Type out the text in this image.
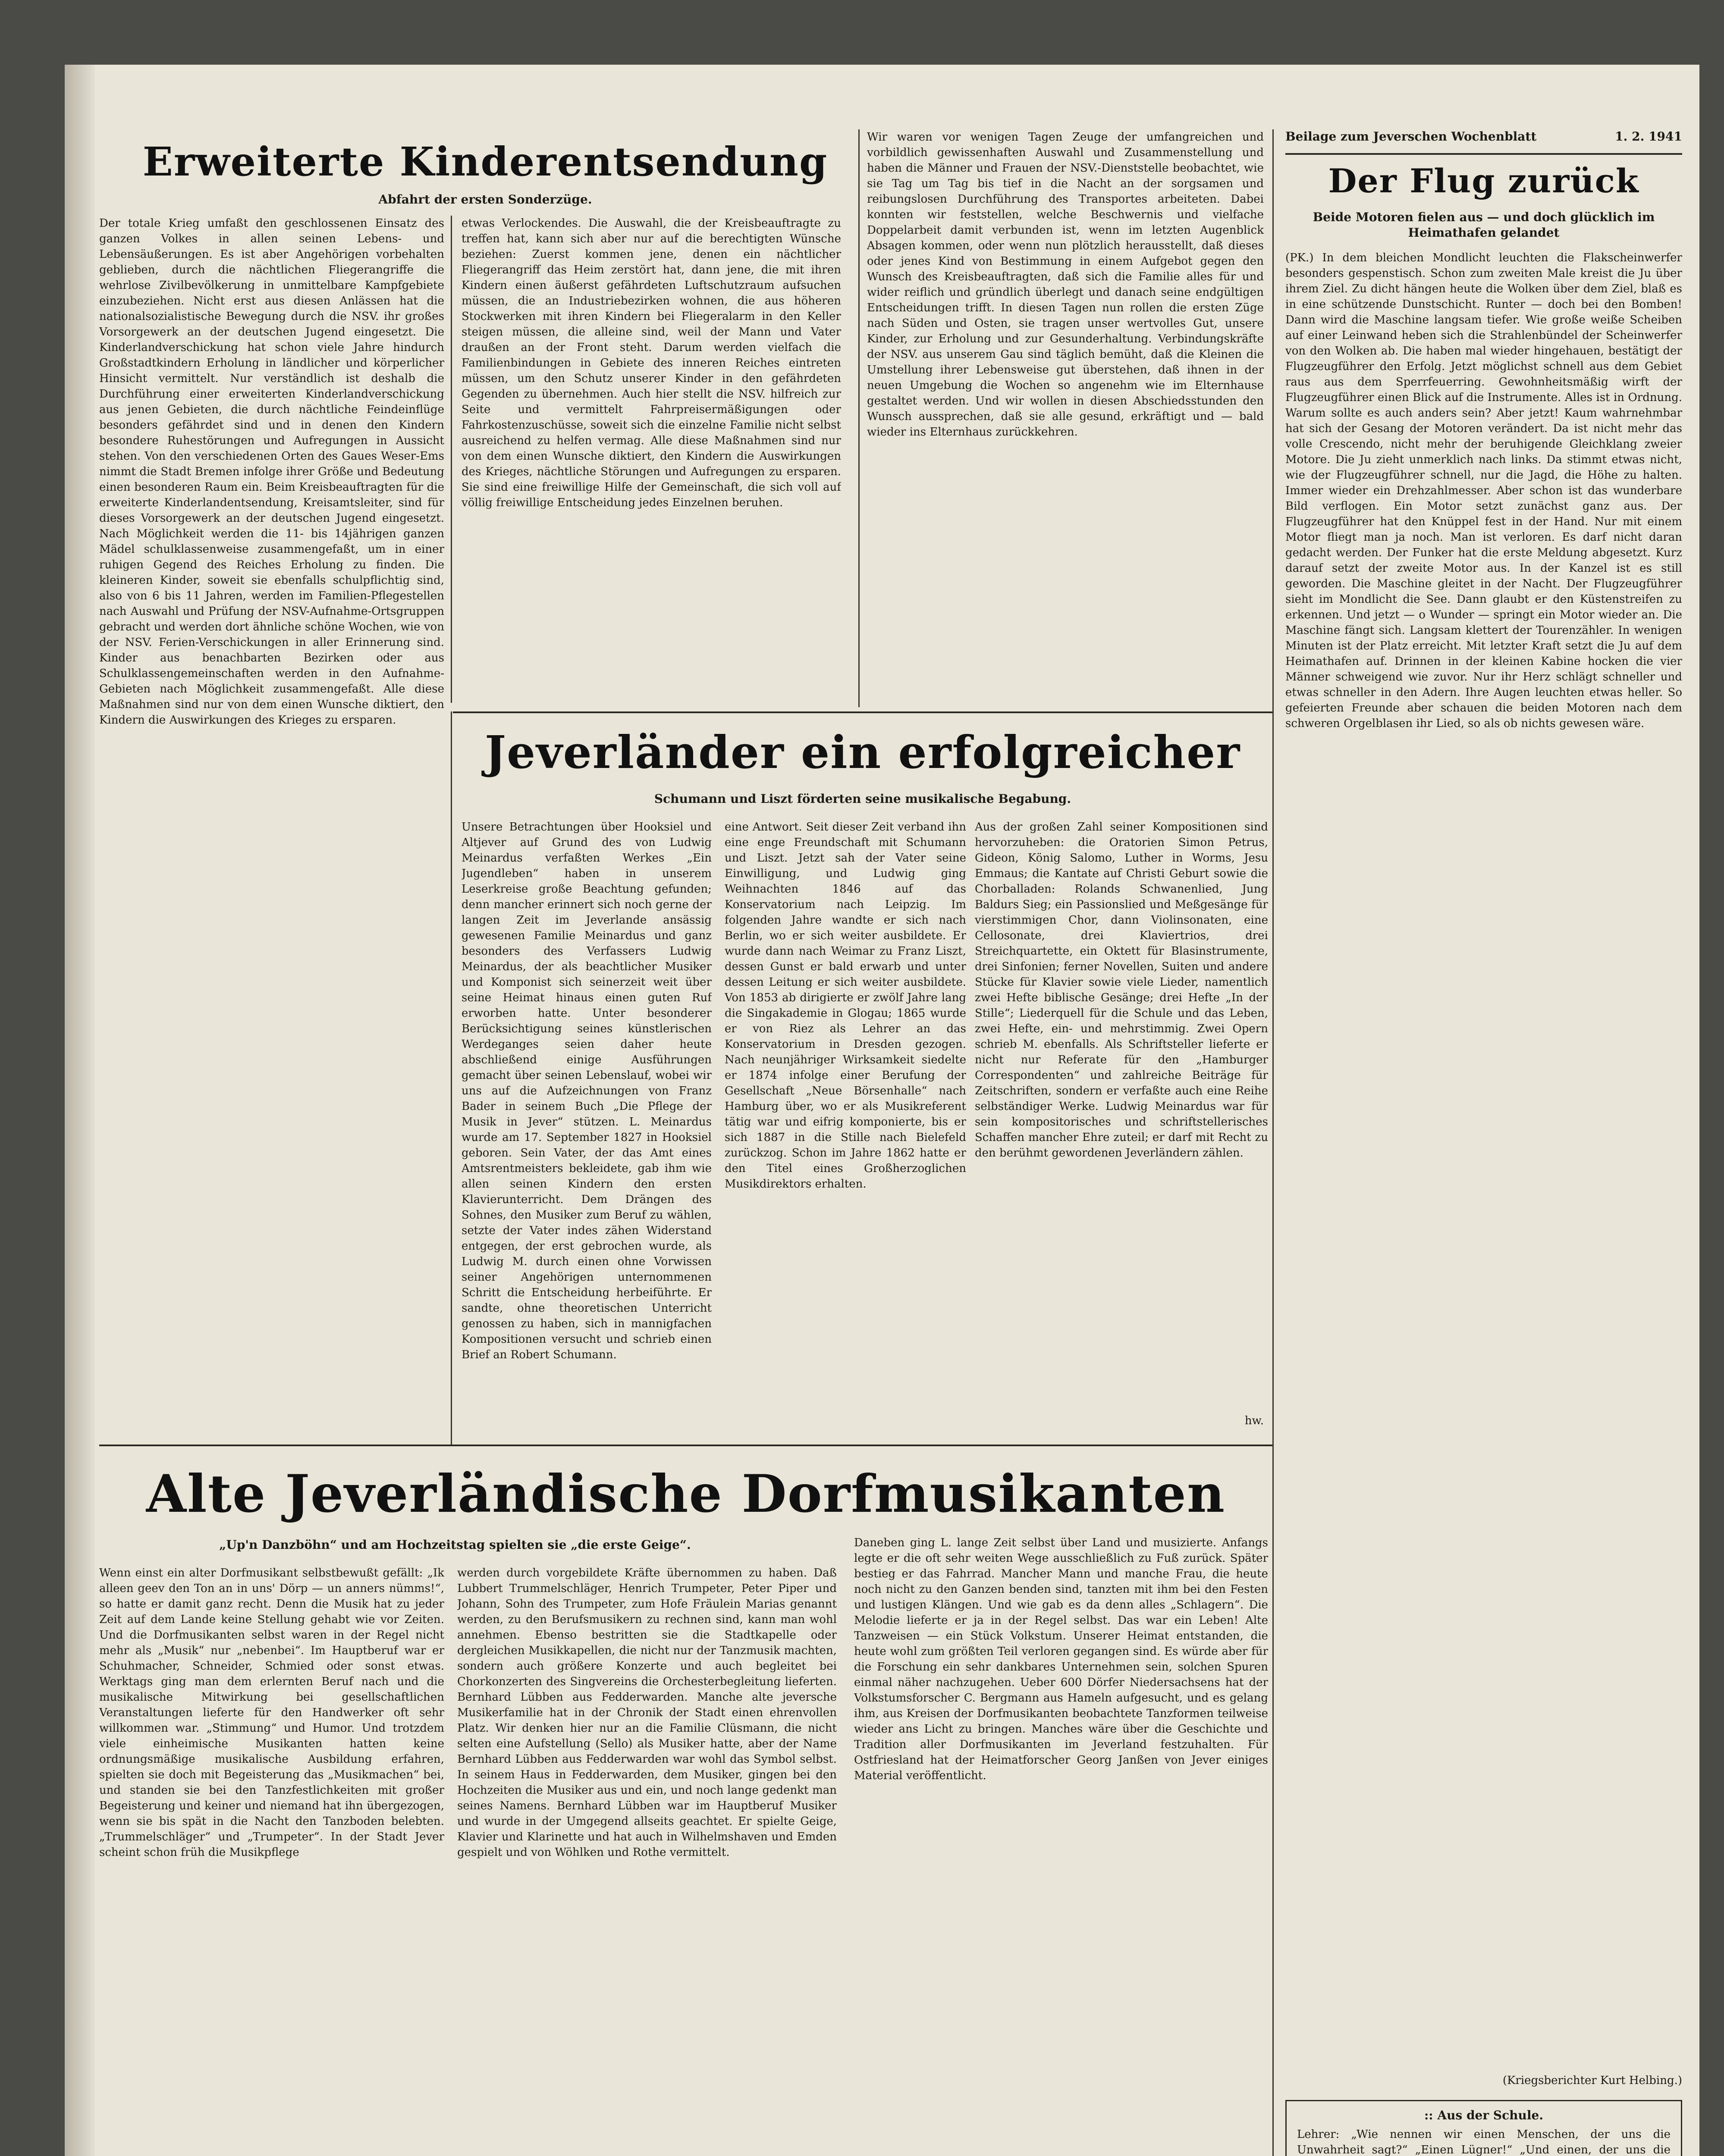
Erweiterte Kinderentsendung
Abfahrt der ersten Sonderzüge.

Der totale Krieg umfaßt den geschlossenen Einsatz des ganzen Volkes in allen seinen Lebens- und Lebensäußerungen. Es ist aber Angehörigen vorbehalten geblieben, durch die nächtlichen Fliegerangriffe die wehrlose Zivilbevölkerung in unmittelbare Kampfgebiete einzubeziehen. Nicht erst aus diesen Anlässen hat die nationalsozialistische Bewegung durch die NSV. ihr großes Vorsorgewerk an der deutschen Jugend eingesetzt. Die Kinderlandverschickung hat schon viele Jahre hindurch Großstadtkindern Erholung in ländlicher und körperlicher Hinsicht vermittelt. Nur verständlich ist deshalb die Durchführung einer erweiterten Kinderlandverschickung aus jenen Gebieten, die durch nächtliche Feindeinflüge besonders gefährdet sind und in denen den Kindern besondere Ruhestörungen und Aufregungen in Aussicht stehen. Von den verschiedenen Orten des Gaues Weser-Ems nimmt die Stadt Bremen infolge ihrer Größe und Bedeutung einen besonderen Raum ein. Beim Kreisbeauftragten für die erweiterte Kinderlandentsendung, Kreisamtsleiter, sind für dieses Vorsorgewerk an der deutschen Jugend eingesetzt. Nach Möglichkeit werden die 11- bis 14jährigen ganzen Mädel schulklassenweise zusammengefaßt, um in einer ruhigen Gegend des Reiches Erholung zu finden. Die kleineren Kinder, soweit sie ebenfalls schulpflichtig sind, also von 6 bis 11 Jahren, werden im Familien-Pflegestellen nach Auswahl und Prüfung der NSV-Aufnahme-Ortsgruppen gebracht und werden dort ähnliche schöne Wochen, wie von der NSV. Ferien-Verschickungen in aller Erinnerung sind. Kinder aus benachbarten Bezirken oder aus Schulklassengemeinschaften werden in den Aufnahme-Gebieten nach Möglichkeit zusammengefaßt. Alle diese Maßnahmen sind nur von dem einen Wunsche diktiert, den Kindern die Auswirkungen des Krieges zu ersparen.

etwas Verlockendes. Die Auswahl, die der Kreisbeauftragte zu treffen hat, kann sich aber nur auf die berechtigten Wünsche beziehen: Zuerst kommen jene, denen ein nächtlicher Fliegerangriff das Heim zerstört hat, dann jene, die mit ihren Kindern einen äußerst gefährdeten Luftschutzraum aufsuchen müssen, die an Industriebezirken wohnen, die aus höheren Stockwerken mit ihren Kindern bei Fliegeralarm in den Keller steigen müssen, die alleine sind, weil der Mann und Vater draußen an der Front steht. Darum werden vielfach die Familienbindungen in Gebiete des inneren Reiches eintreten müssen, um den Schutz unserer Kinder in den gefährdeten Gegenden zu übernehmen. Auch hier stellt die NSV. hilfreich zur Seite und vermittelt Fahrpreisermäßigungen oder Fahrkostenzuschüsse, soweit sich die einzelne Familie nicht selbst ausreichend zu helfen vermag. Alle diese Maßnahmen sind nur von dem einen Wunsche diktiert, den Kindern die Auswirkungen des Krieges, nächtliche Störungen und Aufregungen zu ersparen. Sie sind eine freiwillige Hilfe der Gemeinschaft, die sich voll auf völlig freiwillige Entscheidung jedes Einzelnen beruhen.

Wir waren vor wenigen Tagen Zeuge der umfangreichen und vorbildlich gewissenhaften Auswahl und Zusammenstellung und haben die Männer und Frauen der NSV.-Dienststelle beobachtet, wie sie Tag um Tag bis tief in die Nacht an der sorgsamen und reibungslosen Durchführung des Transportes arbeiteten. Dabei konnten wir feststellen, welche Beschwernis und vielfache Doppelarbeit damit verbunden ist, wenn im letzten Augenblick Absagen kommen, oder wenn nun plötzlich herausstellt, daß dieses oder jenes Kind von Bestimmung in einem Aufgebot gegen den Wunsch des Kreisbeauftragten, daß sich die Familie alles für und wider reiflich und gründlich überlegt und danach seine endgültigen Entscheidungen trifft. In diesen Tagen nun rollen die ersten Züge nach Süden und Osten, sie tragen unser wertvolles Gut, unsere Kinder, zur Erholung und zur Gesunderhaltung. Verbindungskräfte der NSV. aus unserem Gau sind täglich bemüht, daß die Kleinen die Umstellung ihrer Lebensweise gut überstehen, daß ihnen in der neuen Umgebung die Wochen so angenehm wie im Elternhause gestaltet werden. Und wir wollen in diesen Abschiedsstunden den Wunsch aussprechen, daß sie alle gesund, erkräftigt und — bald wieder ins Elternhaus zurückkehren.

Jeverländer ein erfolgreicher
Schumann und Liszt förderten seine musikalische Begabung.

Unsere Betrachtungen über Hooksiel und Altjever auf Grund des von Ludwig Meinardus verfaßten Werkes „Ein Jugendleben“ haben in unserem Leserkreise große Beachtung gefunden; denn mancher erinnert sich noch gerne der langen Zeit im Jeverlande ansässig gewesenen Familie Meinardus und ganz besonders des Verfassers Ludwig Meinardus, der als beachtlicher Musiker und Komponist sich seinerzeit weit über seine Heimat hinaus einen guten Ruf erworben hatte. Unter besonderer Berücksichtigung seines künstlerischen Werdeganges seien daher heute abschließend einige Ausführungen gemacht über seinen Lebenslauf, wobei wir uns auf die Aufzeichnungen von Franz Bader in seinem Buch „Die Pflege der Musik in Jever“ stützen. L. Meinardus wurde am 17. September 1827 in Hooksiel geboren. Sein Vater, der das Amt eines Amtsrentmeisters bekleidete, gab ihm wie allen seinen Kindern den ersten Klavierunterricht. Dem Drängen des Sohnes, den Musiker zum Beruf zu wählen, setzte der Vater indes zähen Widerstand entgegen, der erst gebrochen wurde, als Ludwig M. durch einen ohne Vorwissen seiner Angehörigen unternommenen Schritt die Entscheidung herbeiführte. Er sandte, ohne theoretischen Unterricht genossen zu haben, sich in mannigfachen Kompositionen versucht und schrieb einen Brief an Robert Schumann.

eine Antwort. Seit dieser Zeit verband ihn eine enge Freundschaft mit Schumann und Liszt. Jetzt sah der Vater seine Einwilligung, und Ludwig ging Weihnachten 1846 auf das Konservatorium nach Leipzig. Im folgenden Jahre wandte er sich nach Berlin, wo er sich weiter ausbildete. Er wurde dann nach Weimar zu Franz Liszt, dessen Gunst er bald erwarb und unter dessen Leitung er sich weiter ausbildete. Von 1853 ab dirigierte er zwölf Jahre lang die Singakademie in Glogau; 1865 wurde er von Riez als Lehrer an das Konservatorium in Dresden gezogen. Nach neunjähriger Wirksamkeit siedelte er 1874 infolge einer Berufung der Gesellschaft „Neue Börsenhalle“ nach Hamburg über, wo er als Musikreferent tätig war und eifrig komponierte, bis er sich 1887 in die Stille nach Bielefeld zurückzog. Schon im Jahre 1862 hatte er den Titel eines Großherzoglichen Musikdirektors erhalten.

Aus der großen Zahl seiner Kompositionen sind hervorzuheben: die Oratorien Simon Petrus, Gideon, König Salomo, Luther in Worms, Jesu Emmaus; die Kantate auf Christi Geburt sowie die Chorballaden: Rolands Schwanenlied, Jung Baldurs Sieg; ein Passionslied und Meßgesänge für vierstimmigen Chor, dann Violinsonaten, eine Cellosonate, drei Klaviertrios, drei Streichquartette, ein Oktett für Blasinstrumente, drei Sinfonien; ferner Novellen, Suiten und andere Stücke für Klavier sowie viele Lieder, namentlich zwei Hefte biblische Gesänge; drei Hefte „In der Stille“; Liederquell für die Schule und das Leben, zwei Hefte, ein- und mehrstimmig. Zwei Opern schrieb M. ebenfalls. Als Schriftsteller lieferte er nicht nur Referate für den „Hamburger Correspondenten“ und zahlreiche Beiträge für Zeitschriften, sondern er verfaßte auch eine Reihe selbständiger Werke. Ludwig Meinardus war für sein kompositorisches und schriftstellerisches Schaffen mancher Ehre zuteil; er darf mit Recht zu den berühmt gewordenen Jeverländern zählen.

hw.
Alte Jeverländische Dorfmusikanten
„Up'n Danzböhn“ und am Hochzeitstag spielten sie „die erste Geige“.

Wenn einst ein alter Dorfmusikant selbstbewußt gefällt: „Ik alleen geev den Ton an in uns' Dörp — un anners nümms!“, so hatte er damit ganz recht. Denn die Musik hat zu jeder Zeit auf dem Lande keine Stellung gehabt wie vor Zeiten. Und die Dorfmusikanten selbst waren in der Regel nicht mehr als „Musik“ nur „nebenbei“. Im Hauptberuf war er Schuhmacher, Schneider, Schmied oder sonst etwas. Werktags ging man dem erlernten Beruf nach und die musikalische Mitwirkung bei gesellschaftlichen Veranstaltungen lieferte für den Handwerker oft sehr willkommen war. „Stimmung“ und Humor. Und trotzdem viele einheimische Musikanten hatten keine ordnungsmäßige musikalische Ausbildung erfahren, spielten sie doch mit Begeisterung das „Musikmachen“ bei, und standen sie bei den Tanzfestlichkeiten mit großer Begeisterung und keiner und niemand hat ihn übergezogen, wenn sie bis spät in die Nacht den Tanzboden belebten. „Trummelschläger“ und „Trumpeter“. In der Stadt Jever scheint schon früh die Musikpflege

werden durch vorgebildete Kräfte übernommen zu haben. Daß Lubbert Trummelschläger, Henrich Trumpeter, Peter Piper und Johann, Sohn des Trumpeter, zum Hofe Fräulein Marias genannt werden, zu den Berufsmusikern zu rechnen sind, kann man wohl annehmen. Ebenso bestritten sie die Stadtkapelle oder dergleichen Musikkapellen, die nicht nur der Tanzmusik machten, sondern auch größere Konzerte und auch begleitet bei Chorkonzerten des Singvereins die Orchesterbegleitung lieferten. Bernhard Lübben aus Fedderwarden. Manche alte jeversche Musikerfamilie hat in der Chronik der Stadt einen ehrenvollen Platz. Wir denken hier nur an die Familie Clüsmann, die nicht selten eine Aufstellung (Sello) als Musiker hatte, aber der Name Bernhard Lübben aus Fedderwarden war wohl das Symbol selbst. In seinem Haus in Fedderwarden, dem Musiker, gingen bei den Hochzeiten die Musiker aus und ein, und noch lange gedenkt man seines Namens. Bernhard Lübben war im Hauptberuf Musiker und wurde in der Umgegend allseits geachtet. Er spielte Geige, Klavier und Klarinette und hat auch in Wilhelmshaven und Emden gespielt und von Wöhlken und Rothe vermittelt.

Daneben ging L. lange Zeit selbst über Land und musizierte. Anfangs legte er die oft sehr weiten Wege ausschließlich zu Fuß zurück. Später bestieg er das Fahrrad. Mancher Mann und manche Frau, die heute noch nicht zu den Ganzen benden sind, tanzten mit ihm bei den Festen und lustigen Klängen. Und wie gab es da denn alles „Schlagern“. Die Melodie lieferte er ja in der Regel selbst. Das war ein Leben! Alte Tanzweisen — ein Stück Volkstum. Unserer Heimat entstanden, die heute wohl zum größten Teil verloren gegangen sind. Es würde aber für die Forschung ein sehr dankbares Unternehmen sein, solchen Spuren einmal näher nachzugehen. Ueber 600 Dörfer Niedersachsens hat der Volkstumsforscher C. Bergmann aus Hameln aufgesucht, und es gelang ihm, aus Kreisen der Dorfmusikanten beobachtete Tanzformen teilweise wieder ans Licht zu bringen. Manches wäre über die Geschichte und Tradition aller Dorfmusikanten im Jeverland festzuhalten. Für Ostfriesland hat der Heimatforscher Georg Janßen von Jever einiges Material veröffentlicht.

Beilage zum Jeverschen Wochenblatt	1. 2. 1941
Der Flug zurück
Beide Motoren fielen aus — und doch glücklich im Heimathafen gelandet

(PK.) In dem bleichen Mondlicht leuchten die Flakscheinwerfer besonders gespenstisch. Schon zum zweiten Male kreist die Ju über ihrem Ziel. Zu dicht hängen heute die Wolken über dem Ziel, blaß es in eine schützende Dunstschicht. Runter — doch bei den Bomben! Dann wird die Maschine langsam tiefer. Wie große weiße Scheiben auf einer Leinwand heben sich die Strahlenbündel der Scheinwerfer von den Wolken ab. Die haben mal wieder hingehauen, bestätigt der Flugzeugführer den Erfolg. Jetzt möglichst schnell aus dem Gebiet raus aus dem Sperrfeuerring. Gewohnheitsmäßig wirft der Flugzeugführer einen Blick auf die Instrumente. Alles ist in Ordnung. Warum sollte es auch anders sein? Aber jetzt! Kaum wahrnehmbar hat sich der Gesang der Motoren verändert. Da ist nicht mehr das volle Crescendo, nicht mehr der beruhigende Gleichklang zweier Motore. Die Ju zieht unmerklich nach links. Da stimmt etwas nicht, wie der Flugzeugführer schnell, nur die Jagd, die Höhe zu halten. Immer wieder ein Drehzahlmesser. Aber schon ist das wunderbare Bild verflogen. Ein Motor setzt zunächst ganz aus. Der Flugzeugführer hat den Knüppel fest in der Hand. Nur mit einem Motor fliegt man ja noch. Man ist verloren. Es darf nicht daran gedacht werden. Der Funker hat die erste Meldung abgesetzt. Kurz darauf setzt der zweite Motor aus. In der Kanzel ist es still geworden. Die Maschine gleitet in der Nacht. Der Flugzeugführer sieht im Mondlicht die See. Dann glaubt er den Küstenstreifen zu erkennen. Und jetzt — o Wunder — springt ein Motor wieder an. Die Maschine fängt sich. Langsam klettert der Tourenzähler. In wenigen Minuten ist der Platz erreicht. Mit letzter Kraft setzt die Ju auf dem Heimathafen auf. Drinnen in der kleinen Kabine hocken die vier Männer schweigend wie zuvor. Nur ihr Herz schlägt schneller und etwas schneller in den Adern. Ihre Augen leuchten etwas heller. So gefeierten Freunde aber schauen die beiden Motoren nach dem schweren Orgelblasen ihr Lied, so als ob nichts gewesen wäre.

(Kriegsberichter Kurt Helbing.)
:: Aus der Schule.

Lehrer: „Wie nennen wir einen Menschen, der uns die Unwahrheit sagt?“ „Einen Lügner!“ „Und einen, der uns die
